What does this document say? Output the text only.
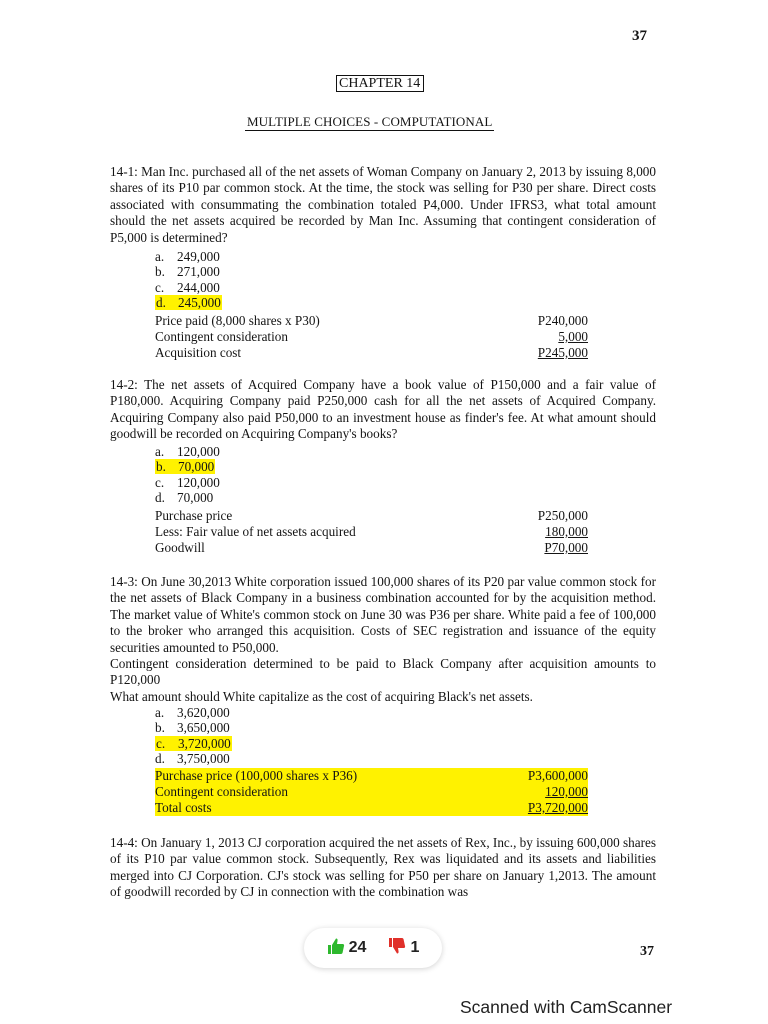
37
CHAPTER 14
MULTIPLE CHOICES - COMPUTATIONAL
14-1: Man Inc. purchased all of the net assets of Woman Company on January 2, 2013 by issuing 8,000 shares of its P10 par common stock. At the time, the stock was selling for P30 per share. Direct costs associated with consummating the combination totaled P4,000. Under IFRS3, what total amount should the net assets acquired be recorded by Man Inc. Assuming that contingent consideration of P5,000 is determined?
a. 249,000
b. 271,000
c. 244,000
d. 245,000
Price paid (8,000 shares x P30)	P240,000
Contingent consideration	5,000
Acquisition cost	P245,000
14-2: The net assets of Acquired Company have a book value of P150,000 and a fair value of P180,000. Acquiring Company paid P250,000 cash for all the net assets of Acquired Company. Acquiring Company also paid P50,000 to an investment house as finder's fee. At what amount should goodwill be recorded on Acquiring Company's books?
a. 120,000
b. 70,000
c. 120,000
d. 70,000
Purchase price	P250,000
Less: Fair value of net assets acquired	180,000
Goodwill	P70,000
14-3: On June 30,2013 White corporation issued 100,000 shares of its P20 par value common stock for the net assets of Black Company in a business combination accounted for by the acquisition method. The market value of White's common stock on June 30 was P36 per share. White paid a fee of 100,000 to the broker who arranged this acquisition. Costs of SEC registration and issuance of the equity securities amounted to P50,000.
Contingent consideration determined to be paid to Black Company after acquisition amounts to P120,000
What amount should White capitalize as the cost of acquiring Black's net assets.
a. 3,620,000
b. 3,650,000
c. 3,720,000
d. 3,750,000
Purchase price (100,000 shares x P36)	P3,600,000
Contingent consideration	120,000
Total costs	P3,720,000
14-4: On January 1, 2013 CJ corporation acquired the net assets of Rex, Inc., by issuing 600,000 shares of its P10 par value common stock. Subsequently, Rex was liquidated and its assets and liabilities merged into CJ Corporation. CJ's stock was selling for P50 per share on January 1,2013. The amount of goodwill recorded by CJ in connection with the combination was
24	1	37
Scanned with CamScanner
